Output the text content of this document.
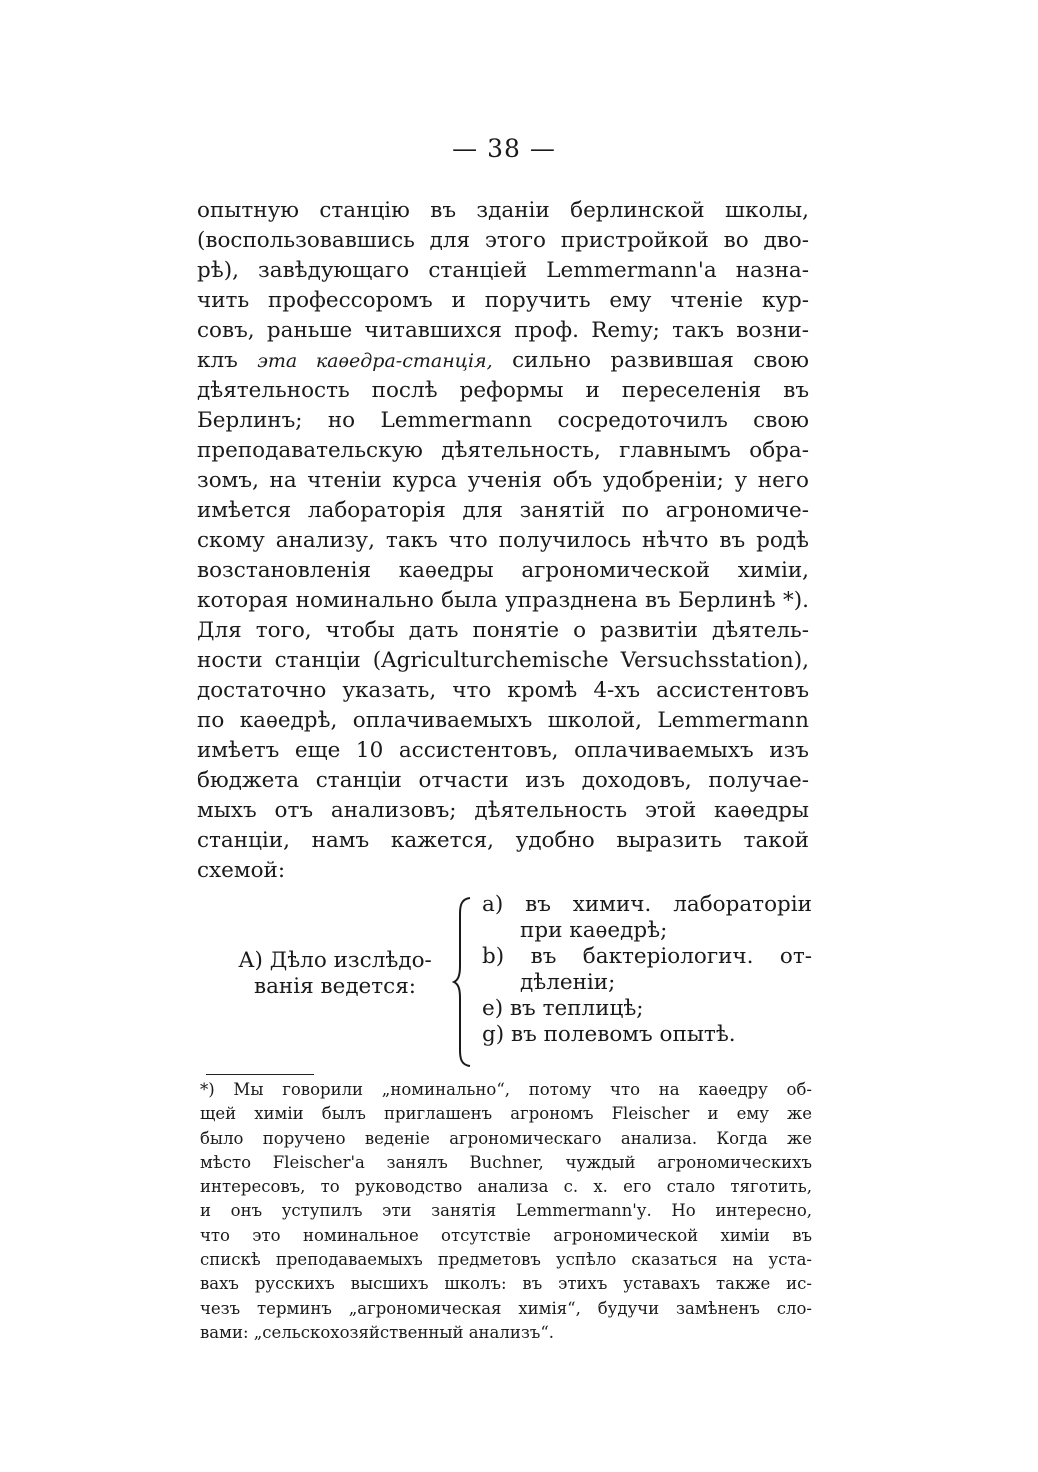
— 38 —
опытную станцію въ зданіи берлинской школы,
(воспользовавшись для этого пристройкой во дво-
рѣ), завѣдующаго станціей Lemmermann'a назна-
чить профессоромъ и поручить ему чтеніе кур-
совъ, раньше читавшихся проф. Remy; такъ возни-
клъ эта каѳедра-станція, сильно развившая свою
дѣятельность послѣ реформы и переселенія въ
Берлинъ; но Lemmermann сосредоточилъ свою
преподавательскую дѣятельность, главнымъ обра-
зомъ, на чтеніи курса ученія объ удобреніи; у него
имѣется лабораторія для занятій по агрономиче-
скому анализу, такъ что получилось нѣчто въ родѣ
возстановленія каѳедры агрономической химіи,
которая номинально была упразднена въ Берлинѣ *).
Для того, чтобы дать понятіе о развитіи дѣятель-
ности станціи (Agriculturchemische Versuchsstation),
достаточно указать, что кромѣ 4-хъ ассистентовъ
по каѳедрѣ, оплачиваемыхъ школой, Lemmermann
имѣетъ еще 10 ассистентовъ, оплачиваемыхъ изъ
бюджета станціи отчасти изъ доходовъ, получае-
мыхъ отъ анализовъ; дѣятельность этой каѳедры
станціи, намъ кажется, удобно выразить такой
схемой:
А) Дѣло изслѣдо-
ванія ведется:
а) въ химич. лабораторіи
при каѳедрѣ;
b) въ бактеріологич. от-
дѣленіи;
е) въ теплицѣ;
g) въ полевомъ опытѣ.
*) Мы говорили „номинально“, потому что на каѳедру об-
щей химіи былъ приглашенъ агрономъ Fleischer и ему же
было поручено веденіе агрономическаго анализа. Когда же
мѣсто Fleischer'a занялъ Buchner, чуждый агрономическихъ
интересовъ, то руководство анализа с. х. его стало тяготить,
и онъ уступилъ эти занятія Lemmermann'у. Но интересно,
что это номинальное отсутствіе агрономической химіи въ
спискѣ преподаваемыхъ предметовъ успѣло сказаться на уста-
вахъ русскихъ высшихъ школъ: въ этихъ уставахъ также ис-
чезъ терминъ „агрономическая химія“, будучи замѣненъ сло-
вами: „сельскохозяйственный анализъ“.
